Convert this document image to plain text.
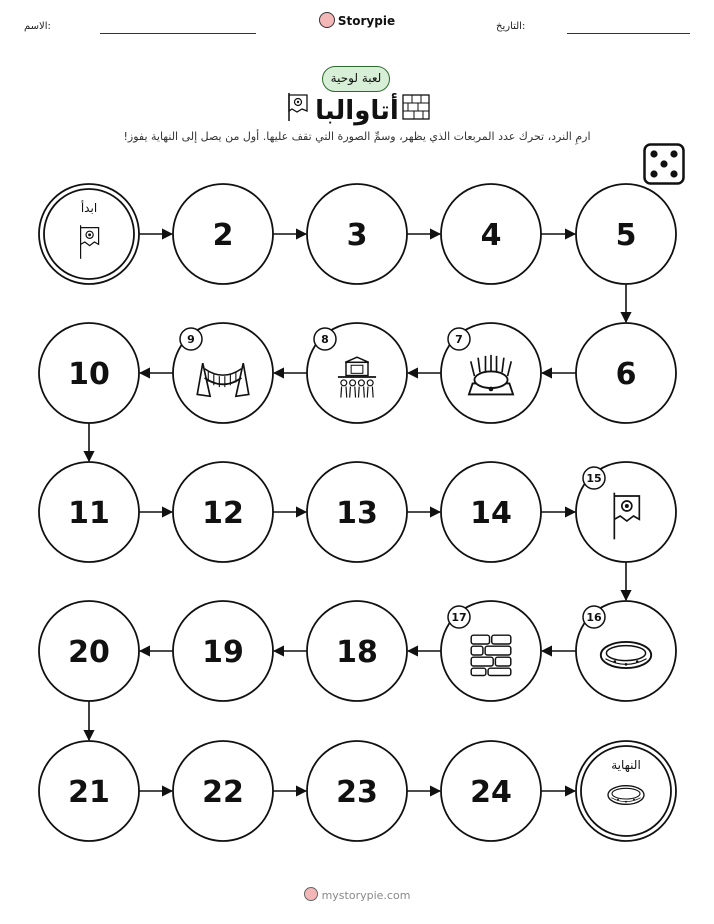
الاسم:	Storypie	التاريخ:
لعبة لوحية
أتاوالبا
ارمِ النرد، تحرك عدد المربعات الذي يظهر، وسمِّ الصورة التي تقف عليها. أول من يصل إلى النهاية يفوز!
ابدأ
2	3	4	5
6
7
8
9
10
11	12	13	14
15
16
17
18
19
20
21	22	23	24
النهاية
mystorypie.com
